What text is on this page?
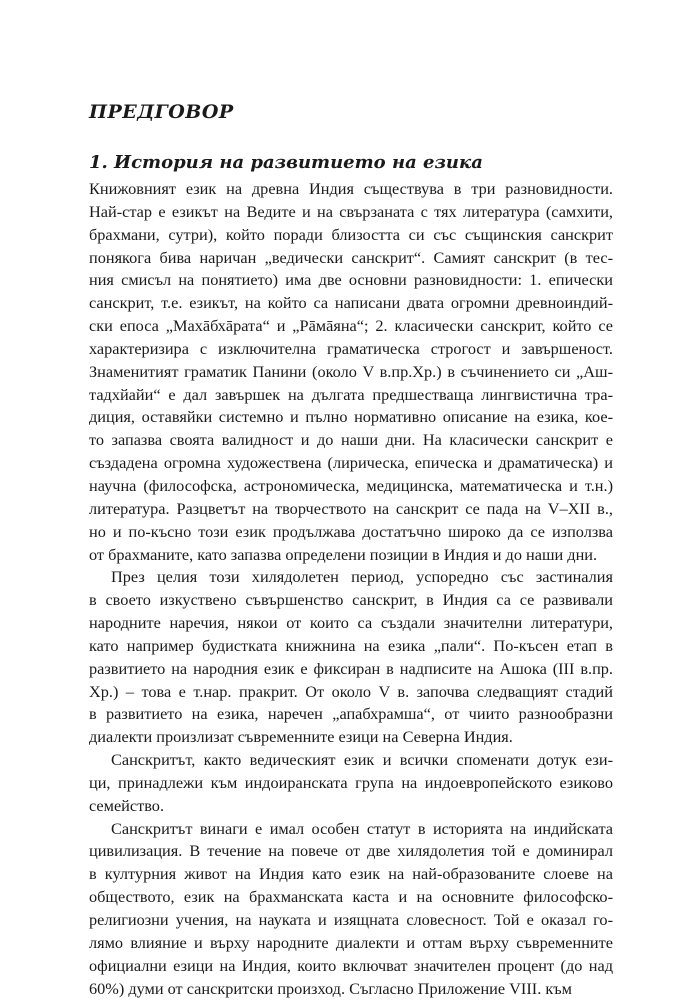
ПРЕДГОВОР
1. История на развитието на езика
Книжовният език на древна Индия съществува в три разновидности.
Най-стар е езикът на Ведите и на свързаната с тях литература (самхити,
брахмани, сутри), който поради близостта си със същинския санскрит
понякога бива наричан „ведически санскрит“. Самият санскрит (в тес-
ния смисъл на понятието) има две основни разновидности: 1. епически
санскрит, т.е. езикът, на който са написани двата огромни древноиндий-
ски епоса „Махāбхāрата“ и „Рāмāяна“; 2. класически санскрит, който се
характеризира с изключителна граматическа строгост и завършеност.
Знаменитият граматик Панини (около V в.пр.Хр.) в съчинението си „Аш-
тадхйайи“ е дал завършек на дългата предшестваща лингвистична тра-
диция, оставяйки системно и пълно нормативно описание на езика, кое-
то запазва своята валидност и до наши дни. На класически санскрит е
създадена огромна художествена (лирическа, епическа и драматическа) и
научна (философска, астрономическа, медицинска, математическа и т.н.)
литература. Разцветът на творчеството на санскрит се пада на V–XII в.,
но и по-късно този език продължава достатъчно широко да се използва
от брахманите, като запазва определени позиции в Индия и до наши дни.
През целия този хилядолетен период, успоредно със застиналия
в своето изкуствено съвършенство санскрит, в Индия са се развивали
народните наречия, някои от които са създали значителни литератури,
като например будистката книжнина на езика „пали“. По-късен етап в
развитието на народния език е фиксиран в надписите на Ашока (III в.пр.
Хр.) – това е т.нар. пракрит. От около V в. започва следващият стадий
в развитието на езика, наречен „апабхрамша“, от чиито разнообразни
диалекти произлизат съвременните езици на Северна Индия.
Санскритът, както ведическият език и всички споменати дотук ези-
ци, принадлежи към индоиранската група на индоевропейското езиково
семейство.
Санскритът винаги е имал особен статут в историята на индийската
цивилизация. В течение на повече от две хилядолетия той е доминирал
в културния живот на Индия като език на най-образованите слоеве на
обществото, език на брахманската каста и на основните философско-
религиозни учения, на науката и изящната словесност. Той е оказал го-
лямо влияние и върху народните диалекти и оттам върху съвременните
официални езици на Индия, които включват значителен процент (до над
60%) думи от санскритски произход. Съгласно Приложение VIII. към
